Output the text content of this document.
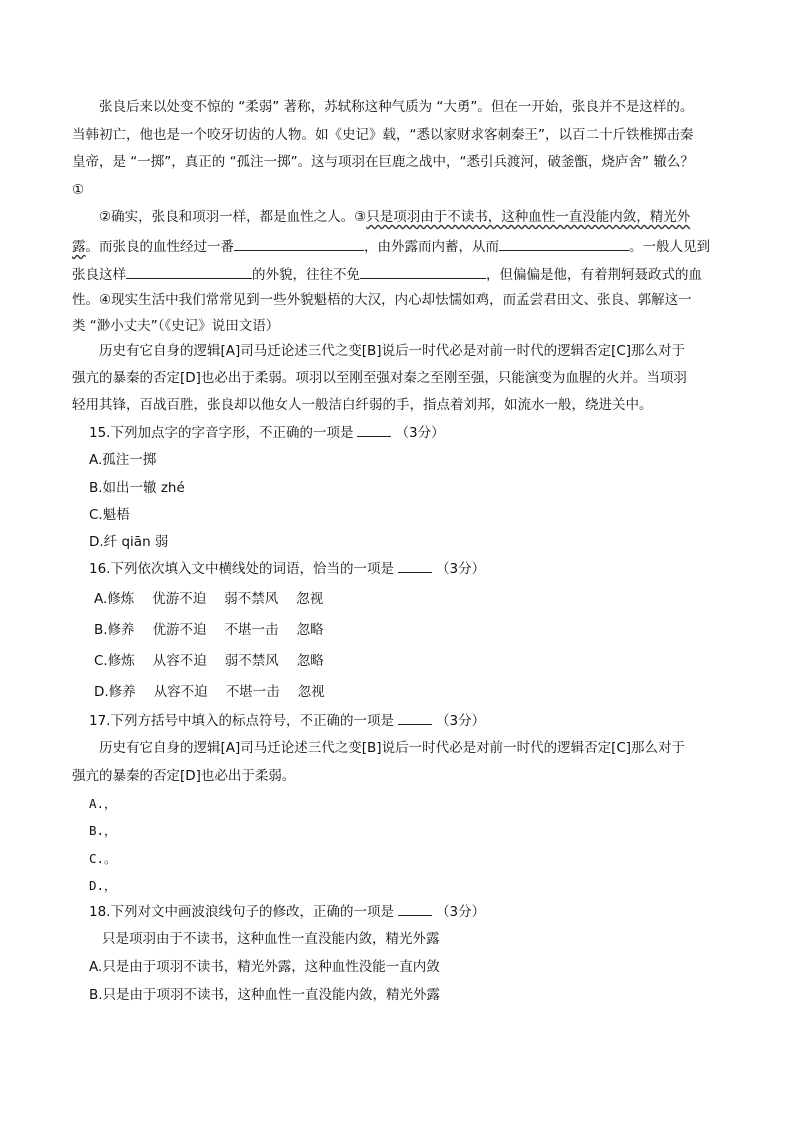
张良后来以处变不惊的 “柔弱” 著称，苏轼称这种气质为 “大勇”。但在一开始，张良并不是这样的。
当韩初亡，他也是一个咬牙切齿的人物。如《史记》载，“悉以家财求客刺秦王”，以百二十斤铁椎掷击秦
皇帝，是 “一掷”，真正的 “孤注一掷”。这与项羽在巨鹿之战中，“悉引兵渡河，破釜甑，烧庐舍” 辙么？
①
②确实，张良和项羽一样，都是血性之人。③只是项羽由于不读书，这种血性一直没能内敛，精光外
露。而张良的血性经过一番	，由外露而内蓄，从而	。一般人见到
张良这样	的外貌，往往不免	，但偏偏是他，有着荆轲聂政式的血
性。④现实生活中我们常常见到一些外貌魁梧的大汉，内心却怯懦如鸡，而孟尝君田文、张良、郭解这一
类 “渺小丈夫”（《史记》说田文语）
历史有它自身的逻辑[A]司马迁论述三代之变[B]说后一时代必是对前一时代的逻辑否定[C]那么对于
强亢的暴秦的否定[D]也必出于柔弱。项羽以至刚至强对秦之至刚至强，只能演变为血腥的火并。当项羽
轻用其锋，百战百胜，张良却以他女人一般洁白纤弱的手，指点着刘邦，如流水一般，绕进关中。
15.下列加点字的字音字形，不正确的一项是	（3分）
A.孤注一掷
B.如出一辙 zhé
C.魁梧
D.纤 qiān 弱
16.下列依次填入文中横线处的词语，恰当的一项是	（3分）
A.修炼 优游不迫 弱不禁风 忽视
B.修养 优游不迫 不堪一击 忽略
C.修炼 从容不迫 弱不禁风 忽略
D.修养 从容不迫 不堪一击 忽视
17.下列方括号中填入的标点符号，不正确的一项是	（3分）
历史有它自身的逻辑[A]司马迁论述三代之变[B]说后一时代必是对前一时代的逻辑否定[C]那么对于
强亢的暴秦的否定[D]也必出于柔弱。
A.，
B.，
C.。
D.，
18.下列对文中画波浪线句子的修改，正确的一项是	（3分）
只是项羽由于不读书，这种血性一直没能内敛，精光外露
A.只是由于项羽不读书，精光外露，这种血性没能一直内敛
B.只是由于项羽不读书，这种血性一直没能内敛，精光外露
